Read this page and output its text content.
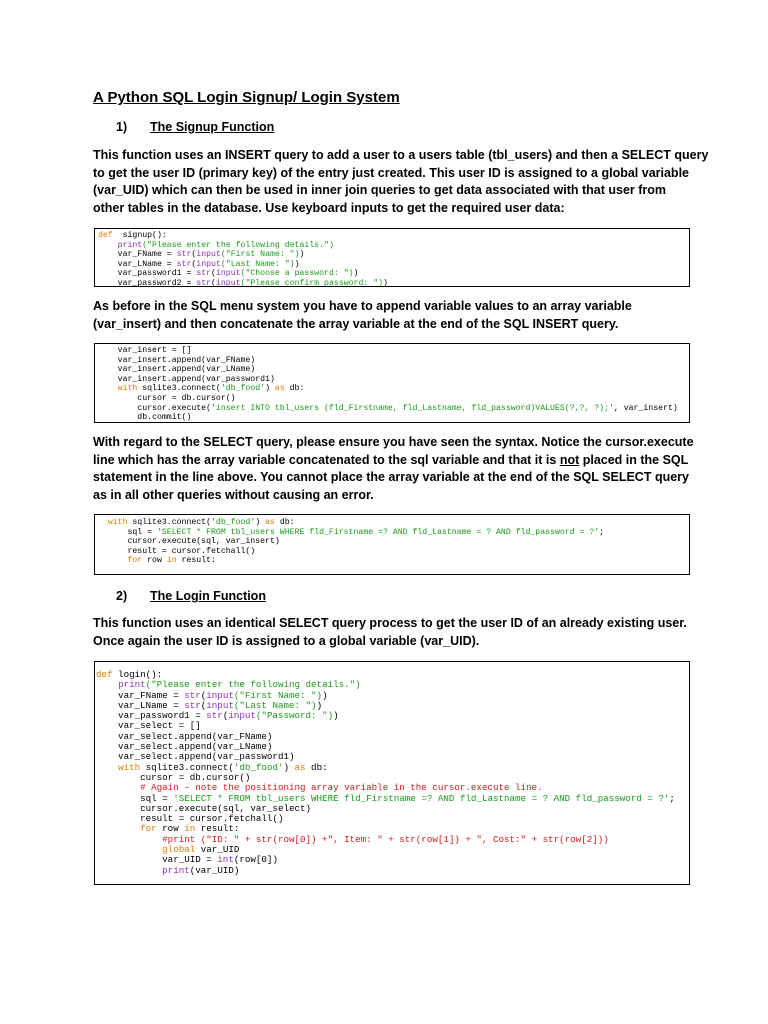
A Python SQL Login Signup/ Login System
1) The Signup Function
This function uses an INSERT query to add a user to a users table (tbl_users) and then a SELECT query
to get the user ID (primary key) of the entry just created. This user ID is assigned to a global variable
(var_UID) which can then be used in inner join queries to get data associated with that user from
other tables in the database. Use keyboard inputs to get the required user data:
def signup():
print("Please enter the following details.")
var_FName = str(input("First Name: "))
var_LName = str(input("Last Name: "))
var_password1 = str(input("Choose a password: "))
var_password2 = str(input("Please confirm password: "))
As before in the SQL menu system you have to append variable values to an array variable
(var_insert) and then concatenate the array variable at the end of the SQL INSERT query.
var_insert = []
var_insert.append(var_FName)
var_insert.append(var_LName)
var_insert.append(var_password1)
with sqlite3.connect('db_food') as db:
cursor = db.cursor()
cursor.execute('insert INTO tbl_users (fld_Firstname, fld_Lastname, fld_password)VALUES(?,?, ?);', var_insert)
db.commit()
With regard to the SELECT query, please ensure you have seen the syntax. Notice the cursor.execute
line which has the array variable concatenated to the sql variable and that it is not placed in the SQL
statement in the line above. You cannot place the array variable at the end of the SQL SELECT query
as in all other queries without causing an error.
with sqlite3.connect('db_food') as db:
sql = 'SELECT * FROM tbl_users WHERE fld_Firstname =? AND fld_Lastname = ? AND fld_password = ?';
cursor.execute(sql, var_insert)
result = cursor.fetchall()
for row in result:
2) The Login Function
This function uses an identical SELECT query process to get the user ID of an already existing user.
Once again the user ID is assigned to a global variable (var_UID).
def login():
print("Please enter the following details.")
var_FName = str(input("First Name: "))
var_LName = str(input("Last Name: "))
var_password1 = str(input("Password: "))
var_select = []
var_select.append(var_FName)
var_select.append(var_LName)
var_select.append(var_password1)
with sqlite3.connect('db_food') as db:
cursor = db.cursor()
# Again - note the positioning array variable in the cursor.execute line.
sql = 'SELECT * FROM tbl_users WHERE fld_Firstname =? AND fld_Lastname = ? AND fld_password = ?';
cursor.execute(sql, var_select)
result = cursor.fetchall()
for row in result:
#print ("ID: " + str(row[0]) +", Item: " + str(row[1]) + ", Cost:" + str(row[2]))
global var_UID
var_UID = int(row[0])
print(var_UID)
